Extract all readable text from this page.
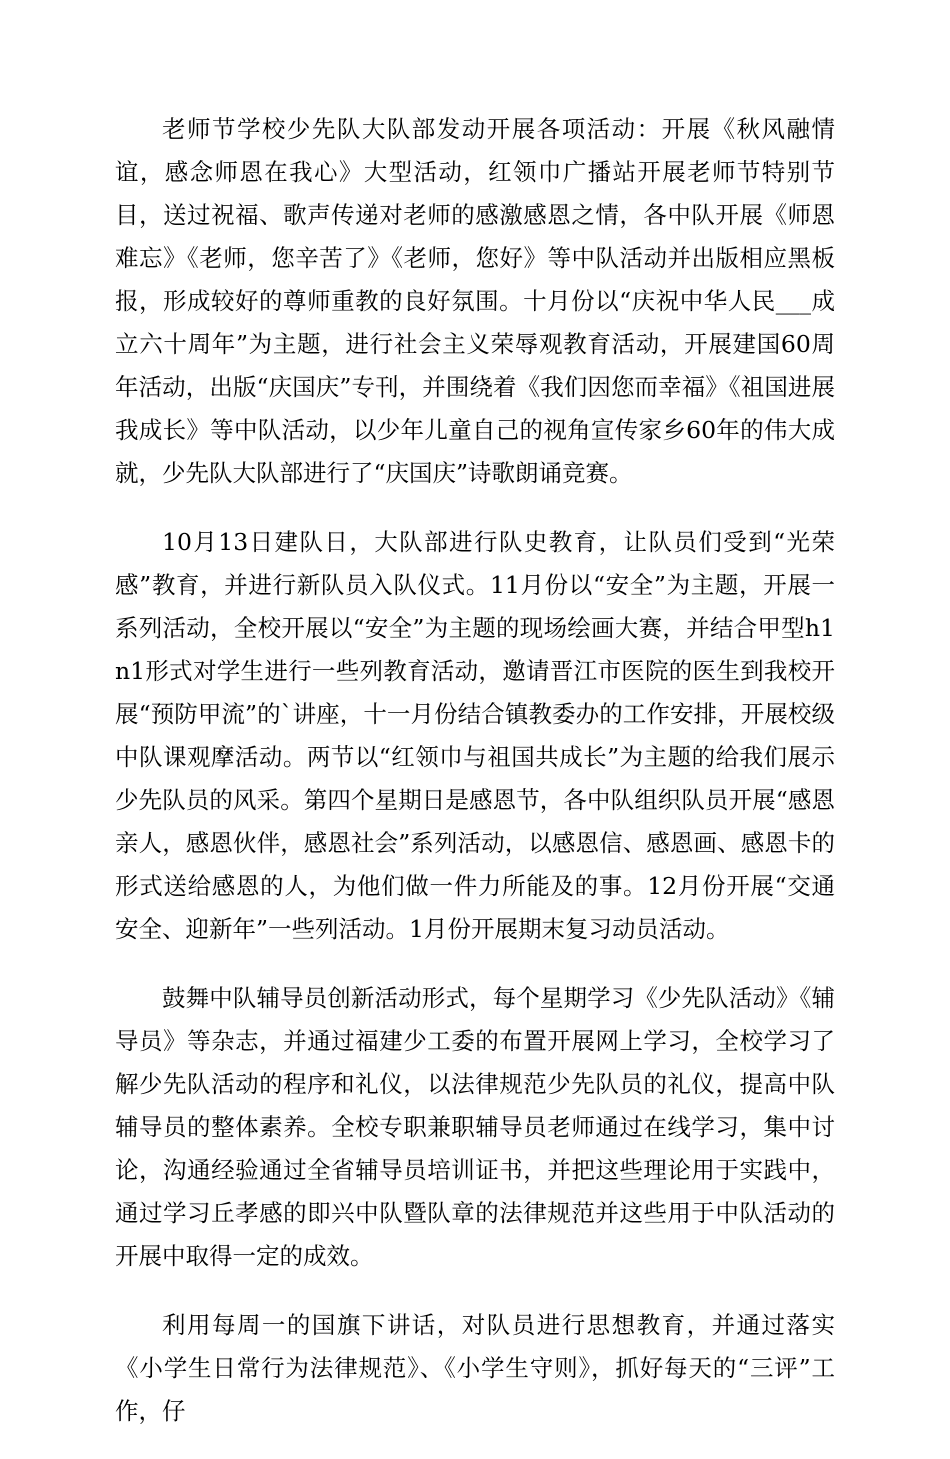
老师节学校少先队大队部发动开展各项活动：开展《秋风融情谊，感念师恩在我心》大型活动，红领巾广播站开展老师节特别节目，送过祝福、歌声传递对老师的感激感恩之情，各中队开展《师恩难忘》《老师，您辛苦了》《老师，您好》等中队活动并出版相应黑板报，形成较好的尊师重教的良好氛围。十月份以“庆祝中华人民___成立六十周年”为主题，进行社会主义荣辱观教育活动，开展建国60周年活动，出版“庆国庆”专刊，并围绕着《我们因您而幸福》《祖国进展我成长》等中队活动，以少年儿童自己的视角宣传家乡60年的伟大成就，少先队大队部进行了“庆国庆”诗歌朗诵竞赛。

10月13日建队日，大队部进行队史教育，让队员们受到“光荣感”教育，并进行新队员入队仪式。11月份以“安全”为主题，开展一系列活动，全校开展以“安全”为主题的现场绘画大赛，并结合甲型h1n1形式对学生进行一些列教育活动，邀请晋江市医院的医生到我校开展“预防甲流”的`讲座，十一月份结合镇教委办的工作安排，开展校级中队课观摩活动。两节以“红领巾与祖国共成长”为主题的给我们展示少先队员的风采。第四个星期日是感恩节，各中队组织队员开展“感恩亲人，感恩伙伴，感恩社会”系列活动，以感恩信、感恩画、感恩卡的形式送给感恩的人，为他们做一件力所能及的事。12月份开展“交通安全、迎新年”一些列活动。1月份开展期末复习动员活动。

鼓舞中队辅导员创新活动形式，每个星期学习《少先队活动》《辅导员》等杂志，并通过福建少工委的布置开展网上学习，全校学习了解少先队活动的程序和礼仪，以法律规范少先队员的礼仪，提高中队辅导员的整体素养。全校专职兼职辅导员老师通过在线学习，集中讨论，沟通经验通过全省辅导员培训证书，并把这些理论用于实践中，通过学习丘孝感的即兴中队暨队章的法律规范并这些用于中队活动的开展中取得一定的成效。

利用每周一的国旗下讲话，对队员进行思想教育，并通过落实《小学生日常行为法律规范》、《小学生守则》，抓好每天的“三评”工作，仔
